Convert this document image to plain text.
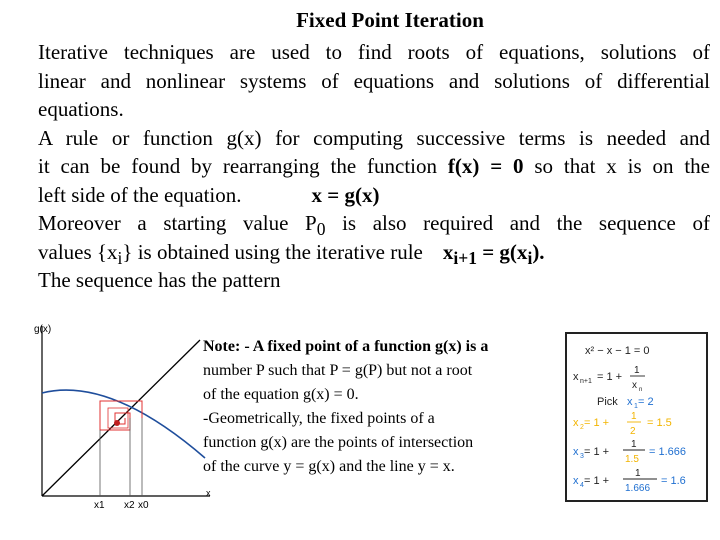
Fixed Point Iteration
Iterative techniques are used to find roots of equations, solutions of
linear and nonlinear systems of equations and solutions of differential
equations.
A rule or function g(x) for computing successive terms is needed and
it can be found by rearranging the function f(x) = 0 so that x is on the
left side of the equation.	x = g(x)
Moreover a starting value $P_0$ is also required and the sequence of
values $\{x_i\}$ is obtained using the iterative rule $x_{i+1} = g(x_i)$.
The sequence has the pattern
g(x)
x
x1 x2 x0
Note: - A fixed point of a function g(x) is a
number P such that P = g(P) but not a root
of the equation g(x) = 0.
-Geometrically, the fixed points of a
function g(x) are the points of intersection
of the curve y = g(x) and the line y = x.
x² − x − 1 = 0
x n+1 = 1 +
1
x n
Pick x 1 = 2
x 2 = 1 +
1
2
= 1.5
x 3 = 1 +
1
1.5
= 1.666
x 4 = 1 +
1
1.666
= 1.6
